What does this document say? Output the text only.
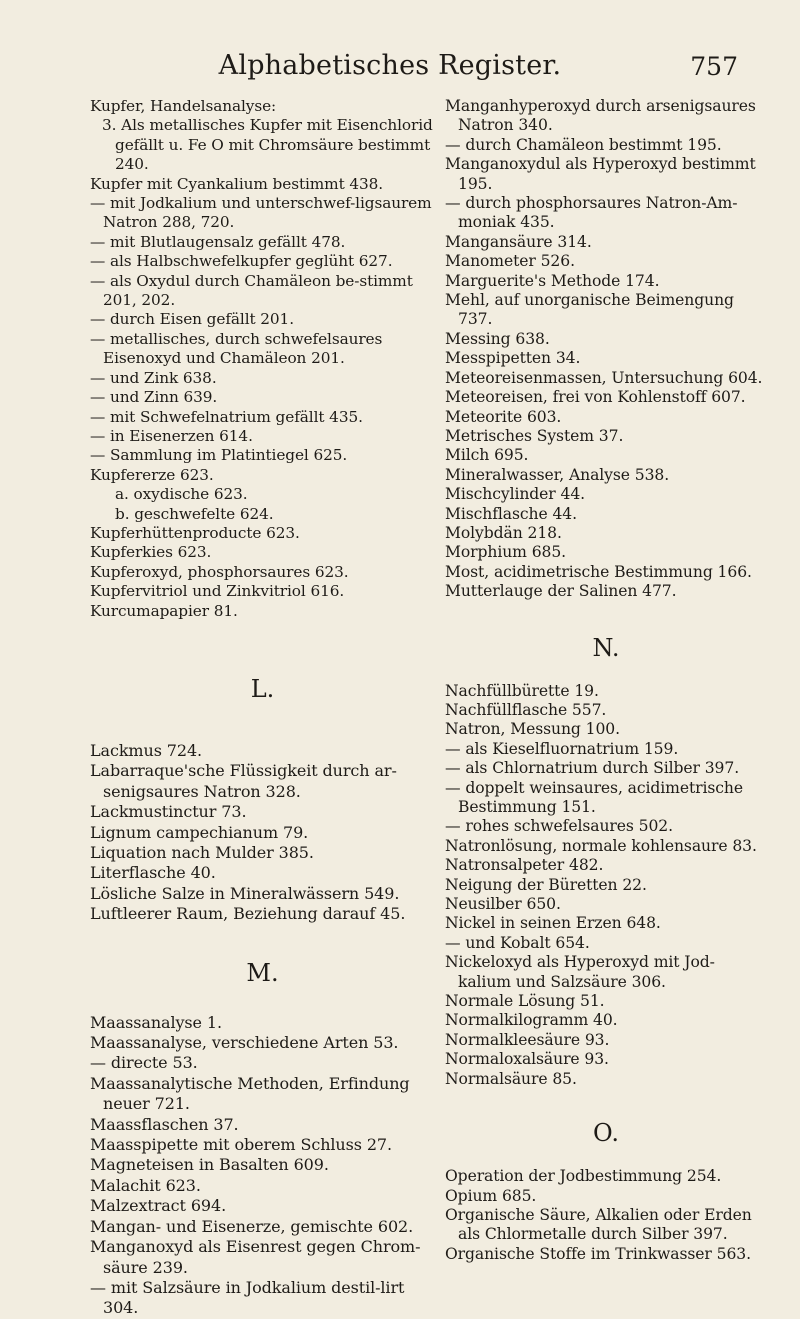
Alphabetisches Register.	757
Kupfer, Handelsanalyse:
3. Als metallisches Kupfer mit Eisenchlorid gefällt u. Fe O mit Chromsäure bestimmt 240.
Kupfer mit Cyankalium bestimmt 438.
— mit Jodkalium und unterschwef-ligsaurem Natron 288, 720.
— mit Blutlaugensalz gefällt 478.
— als Halbschwefelkupfer geglüht 627.
— als Oxydul durch Chamäleon be-stimmt 201, 202.
— durch Eisen gefällt 201.
— metallisches, durch schwefelsaures Eisenoxyd und Chamäleon 201.
— und Zink 638.
— und Zinn 639.
— mit Schwefelnatrium gefällt 435.
— in Eisenerzen 614.
— Sammlung im Platintiegel 625.
Kupfererze 623.
a. oxydische 623.
b. geschwefelte 624.
Kupferhüttenproducte 623.
Kupferkies 623.
Kupferoxyd, phosphorsaures 623.
Kupfervitriol und Zinkvitriol 616.
Kurcumapapier 81.
L.
Lackmus 724.
Labarraque'sche Flüssigkeit durch ar-senigsaures Natron 328.
Lackmustinctur 73.
Lignum campechianum 79.
Liquation nach Mulder 385.
Literflasche 40.
Lösliche Salze in Mineralwässern 549.
Luftleerer Raum, Beziehung darauf 45.
M.
Maassanalyse 1.
Maassanalyse, verschiedene Arten 53.
— directe 53.
Maassanalytische Methoden, Erfindung neuer 721.
Maassflaschen 37.
Maasspipette mit oberem Schluss 27.
Magneteisen in Basalten 609.
Malachit 623.
Malzextract 694.
Mangan- und Eisenerze, gemischte 602.
Manganoxyd als Eisenrest gegen Chrom-säure 239.
— mit Salzsäure in Jodkalium destil-lirt 304.
Manganhyperoxyd durch arsenigsaures Natron 340.
— durch Chamäleon bestimmt 195.
Manganoxydul als Hyperoxyd bestimmt 195.
— durch phosphorsaures Natron-Am-moniak 435.
Mangansäure 314.
Manometer 526.
Marguerite's Methode 174.
Mehl, auf unorganische Beimengung 737.
Messing 638.
Messpipetten 34.
Meteoreisenmassen, Untersuchung 604.
Meteoreisen, frei von Kohlenstoff 607.
Meteorite 603.
Metrisches System 37.
Milch 695.
Mineralwasser, Analyse 538.
Mischcylinder 44.
Mischflasche 44.
Molybdän 218.
Morphium 685.
Most, acidimetrische Bestimmung 166.
Mutterlauge der Salinen 477.
N.
Nachfüllbürette 19.
Nachfüllflasche 557.
Natron, Messung 100.
— als Kieselfluornatrium 159.
— als Chlornatrium durch Silber 397.
— doppelt weinsaures, acidimetrische Bestimmung 151.
— rohes schwefelsaures 502.
Natronlösung, normale kohlensaure 83.
Natronsalpeter 482.
Neigung der Büretten 22.
Neusilber 650.
Nickel in seinen Erzen 648.
— und Kobalt 654.
Nickeloxyd als Hyperoxyd mit Jod-kalium und Salzsäure 306.
Normale Lösung 51.
Normalkilogramm 40.
Normalkleesäure 93.
Normaloxalsäure 93.
Normalsäure 85.
O.
Operation der Jodbestimmung 254.
Opium 685.
Organische Säure, Alkalien oder Erden als Chlormetalle durch Silber 397.
Organische Stoffe im Trinkwasser 563.
